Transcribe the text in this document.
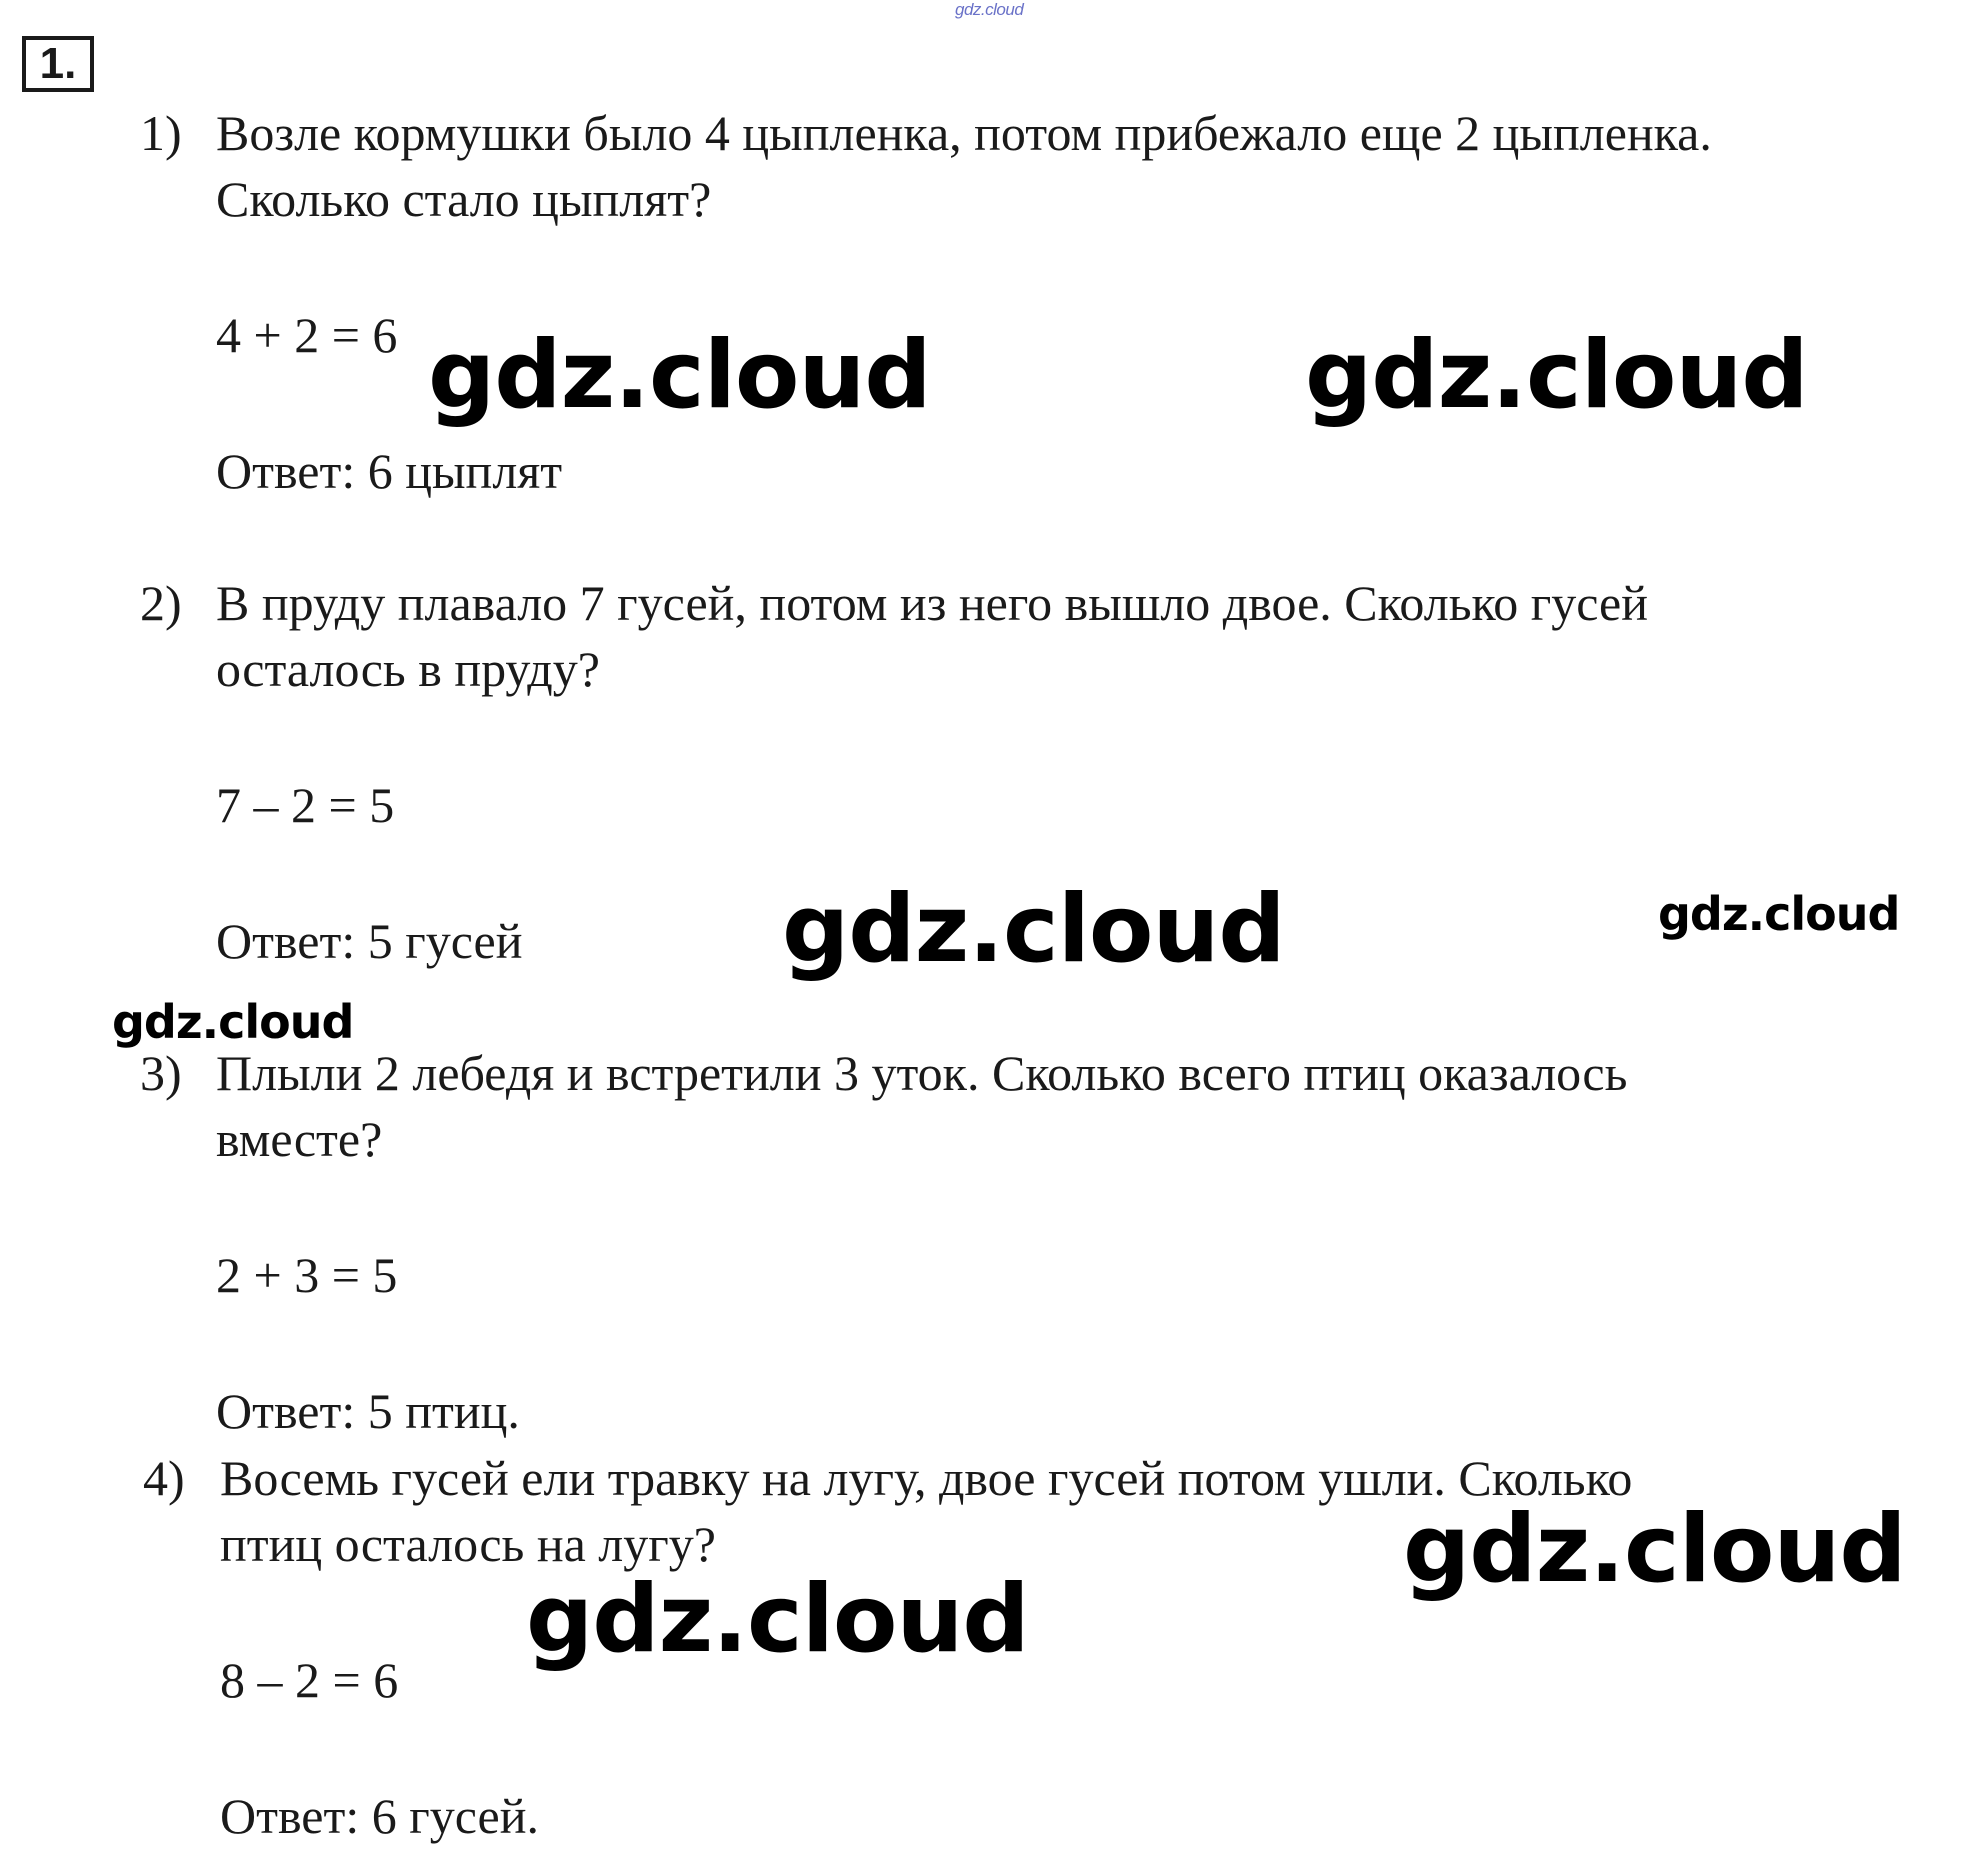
gdz.cloud
1.
1) Возле кормушки было 4 цыпленка, потом прибежало еще 2 цыпленка.
Сколько стало цыплят?
4 + 2 = 6
Ответ: 6 цыплят
2) В пруду плавало 7 гусей, потом из него вышло двое. Сколько гусей
осталось в пруду?
7 – 2 = 5
Ответ: 5 гусей
3) Плыли 2 лебедя и встретили 3 уток. Сколько всего птиц оказалось
вместе?
2 + 3 = 5
Ответ: 5 птиц.
4) Восемь гусей ели травку на лугу, двое гусей потом ушли. Сколько
птиц осталось на лугу?
8 – 2 = 6
Ответ: 6 гусей.
gdz.cloud	gdz.cloud
gdz.cloud	gdz.cloud
gdz.cloud
gdz.cloud
gdz.cloud
